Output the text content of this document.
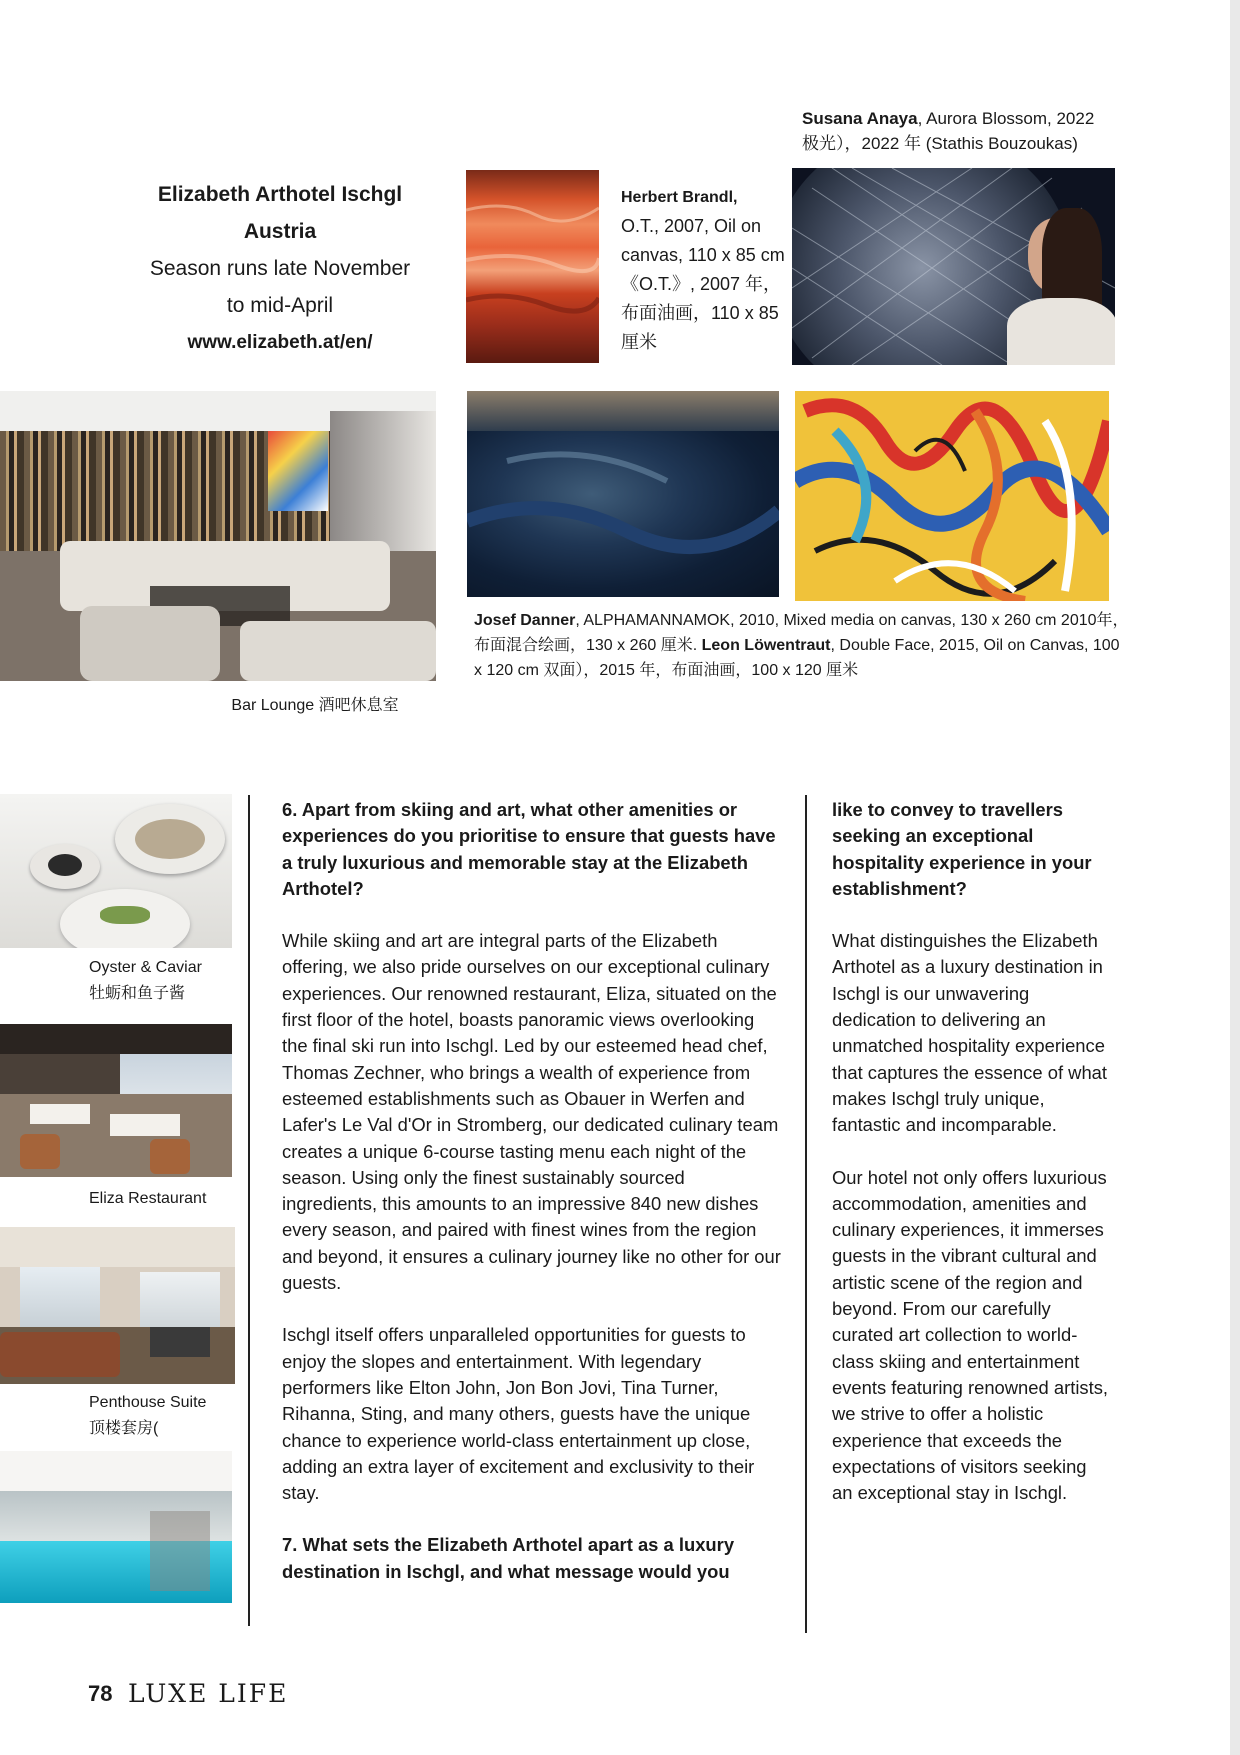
Elizabeth Arthotel Ischgl
Austria
Season runs late November
to mid-April
www.elizabeth.at/en/
Herbert Brandl,
O.T., 2007, Oil on canvas, 110 x 85 cm《O.T.》, 2007 年，布面油画，110 x 85 厘米
Susana Anaya, Aurora Blossom, 2022
极光），2022 年 (Stathis Bouzoukas)
Bar Lounge 酒吧休息室
Josef Danner, ALPHAMANNAMOK, 2010, Mixed media on canvas, 130 x 260 cm 2010年，布面混合绘画，130 x 260 厘米. Leon Löwentraut, Double Face, 2015, Oil on Canvas, 100 x 120 cm 双面），2015 年，布面油画，100 x 120 厘米
Oyster & Caviar
牡蛎和鱼子酱
Eliza Restaurant
Penthouse Suite
顶楼套房(

6. Apart from skiing and art, what other amenities or experiences do you prioritise to ensure that guests have a truly luxurious and memorable stay at the Elizabeth Arthotel?

While skiing and art are integral parts of the Elizabeth offering, we also pride ourselves on our exceptional culinary experiences. Our renowned restaurant, Eliza, situated on the first floor of the hotel, boasts panoramic views overlooking the final ski run into Ischgl. Led by our esteemed head chef, Thomas Zechner, who brings a wealth of experience from esteemed establishments such as Obauer in Werfen and Lafer's Le Val d'Or in Stromberg, our dedicated culinary team creates a unique 6-course tasting menu each night of the season. Using only the finest sustainably sourced ingredients, this amounts to an impressive 840 new dishes every season, and paired with finest wines from the region and beyond, it ensures a culinary journey like no other for our guests.

Ischgl itself offers unparalleled opportunities for guests to enjoy the slopes and entertainment. With legendary performers like Elton John, Jon Bon Jovi, Tina Turner, Rihanna, Sting, and many others, guests have the unique chance to experience world-class entertainment up close, adding an extra layer of excitement and exclusivity to their stay.

7. What sets the Elizabeth Arthotel apart as a luxury destination in Ischgl, and what message would you

like to convey to travellers seeking an exceptional hospitality experience in your establishment?

What distinguishes the Elizabeth Arthotel as a luxury destination in Ischgl is our unwavering dedication to delivering an unmatched hospitality experience that captures the essence of what makes Ischgl truly unique, fantastic and incomparable.

Our hotel not only offers luxurious accommodation, amenities and culinary experiences, it immerses guests in the vibrant cultural and artistic scene of the region and beyond. From our carefully curated art collection to world-class skiing and entertainment events featuring renowned artists, we strive to offer a holistic experience that exceeds the expectations of visitors seeking an exceptional stay in Ischgl.

78 LUXE LIFE
